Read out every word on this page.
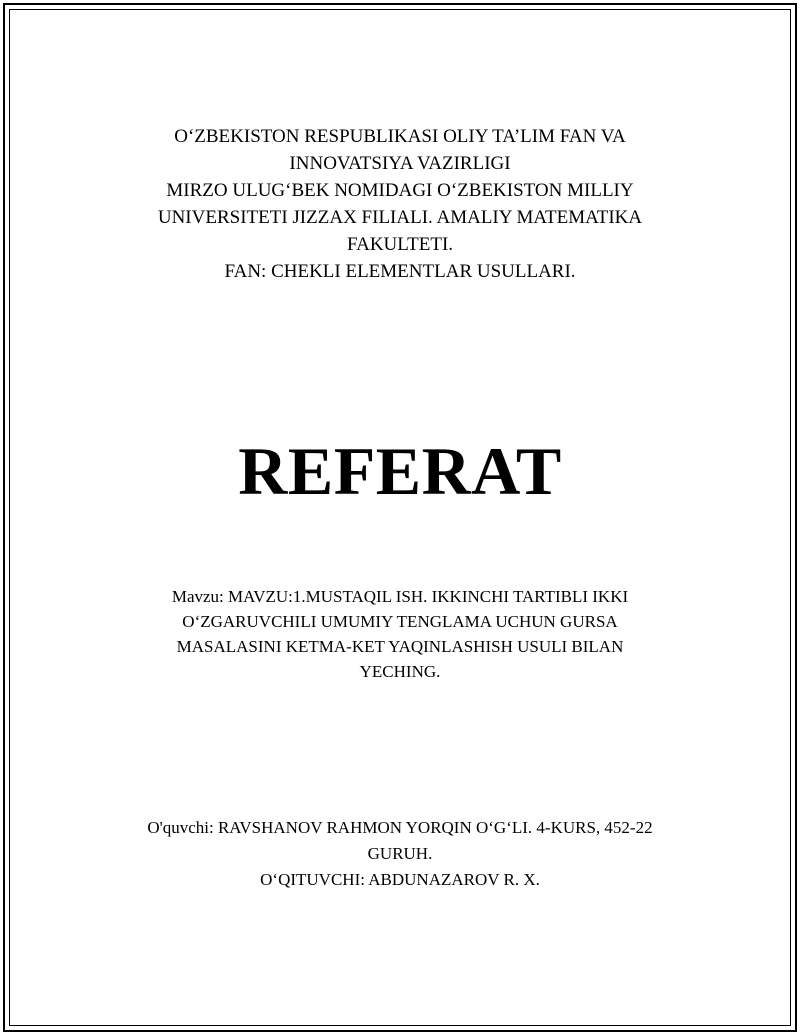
O‘ZBEKISTON RESPUBLIKASI OLIY TA’LIM FAN VA
INNOVATSIYA VAZIRLIGI
MIRZO ULUG‘BEK NOMIDAGI O‘ZBEKISTON MILLIY
UNIVERSITETI JIZZAX FILIALI. AMALIY MATEMATIKA
FAKULTETI.
FAN: CHEKLI ELEMENTLAR USULLARI.
REFERAT
Mavzu: MAVZU:1.MUSTAQIL ISH. IKKINCHI TARTIBLI IKKI
O‘ZGARUVCHILI UMUMIY TENGLAMA UCHUN GURSA
MASALASINI KETMA-KET YAQINLASHISH USULI BILAN
YECHING.
O'quvchi: RAVSHANOV RAHMON YORQIN O‘G‘LI. 4-KURS, 452-22
GURUH.
O‘QITUVCHI: ABDUNAZAROV R. X.
